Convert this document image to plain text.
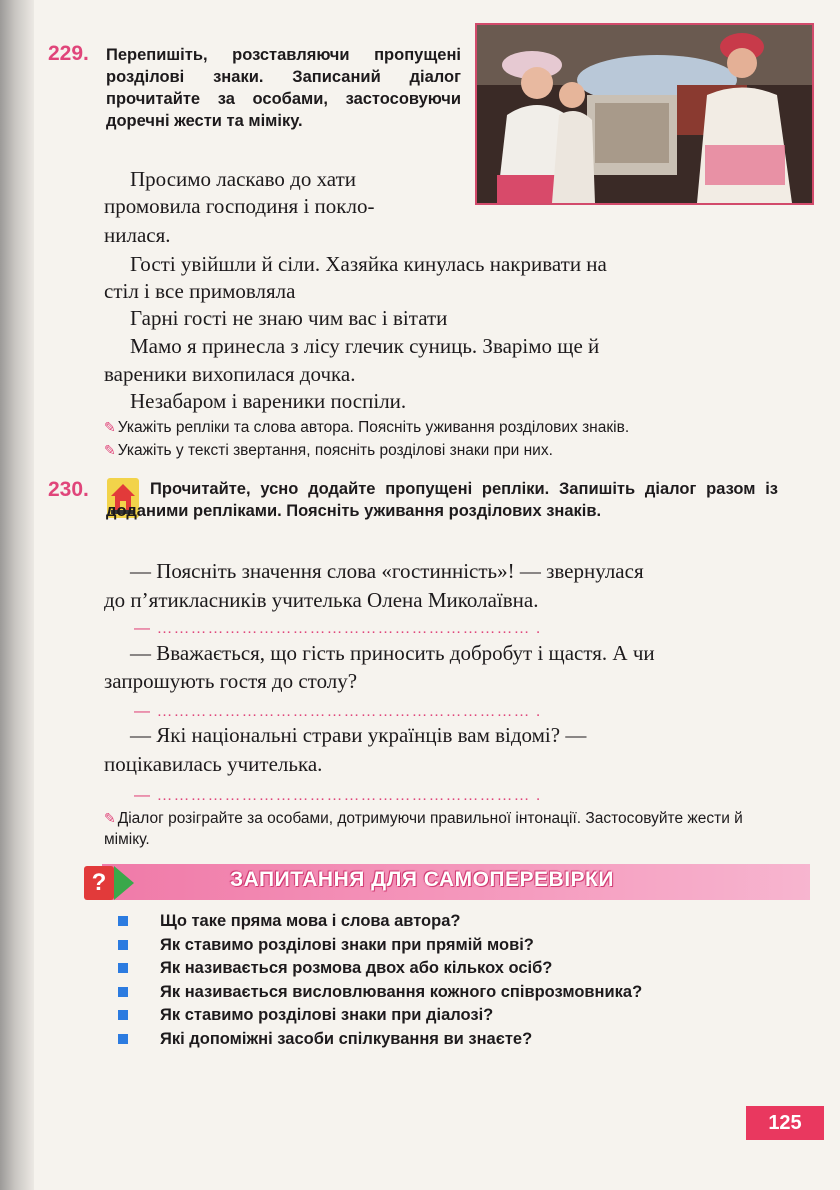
229. Перепишіть, розставляючи пропущені розділові знаки. Записаний діалог прочитайте за особами, застосовуючи доречні жести та міміку.
Просимо ласкаво до хати
промовила господиня і покло-
нилася.
Гості увійшли й сіли. Хазяйка кинулась накривати на
стіл і все примовляла
Гарні гості не знаю чим вас і вітати
Мамо я принесла з лісу глечик суниць. Зварімо ще й
вареники вихопилася дочка.
Незабаром і вареники поспіли.
✎ Укажіть репліки та слова автора. Поясніть уживання розділових знаків.
✎ Укажіть у тексті звертання, поясніть розділові знаки при них.
230.	Прочитайте, усно додайте пропущені репліки. Запишіть діалог разом із доданими репліками. Поясніть уживання розділових знаків.
— Поясніть значення слова «гостинність»! — звернулася
до п’ятикласників учителька Олена Миколаївна.
— ………………………………………………………… .
— Вважається, що гість приносить добробут і щастя. А чи
запрошують гостя до столу?
— ………………………………………………………… .
— Які національні страви українців вам відомі? —
поцікавилась учителька.
— ………………………………………………………… .
✎ Діалог розіграйте за особами, дотримуючи правильної інтонації. Застосовуйте жести й міміку.
ЗАПИТАННЯ ДЛЯ САМОПЕРЕВІРКИ
?
Що таке пряма мова і слова автора?
Як ставимо розділові знаки при прямій мові?
Як називається розмова двох або кількох осіб?
Як називається висловлювання кожного співрозмовника?
Як ставимо розділові знаки при діалозі?
Які допоміжні засоби спілкування ви знаєте?
125
